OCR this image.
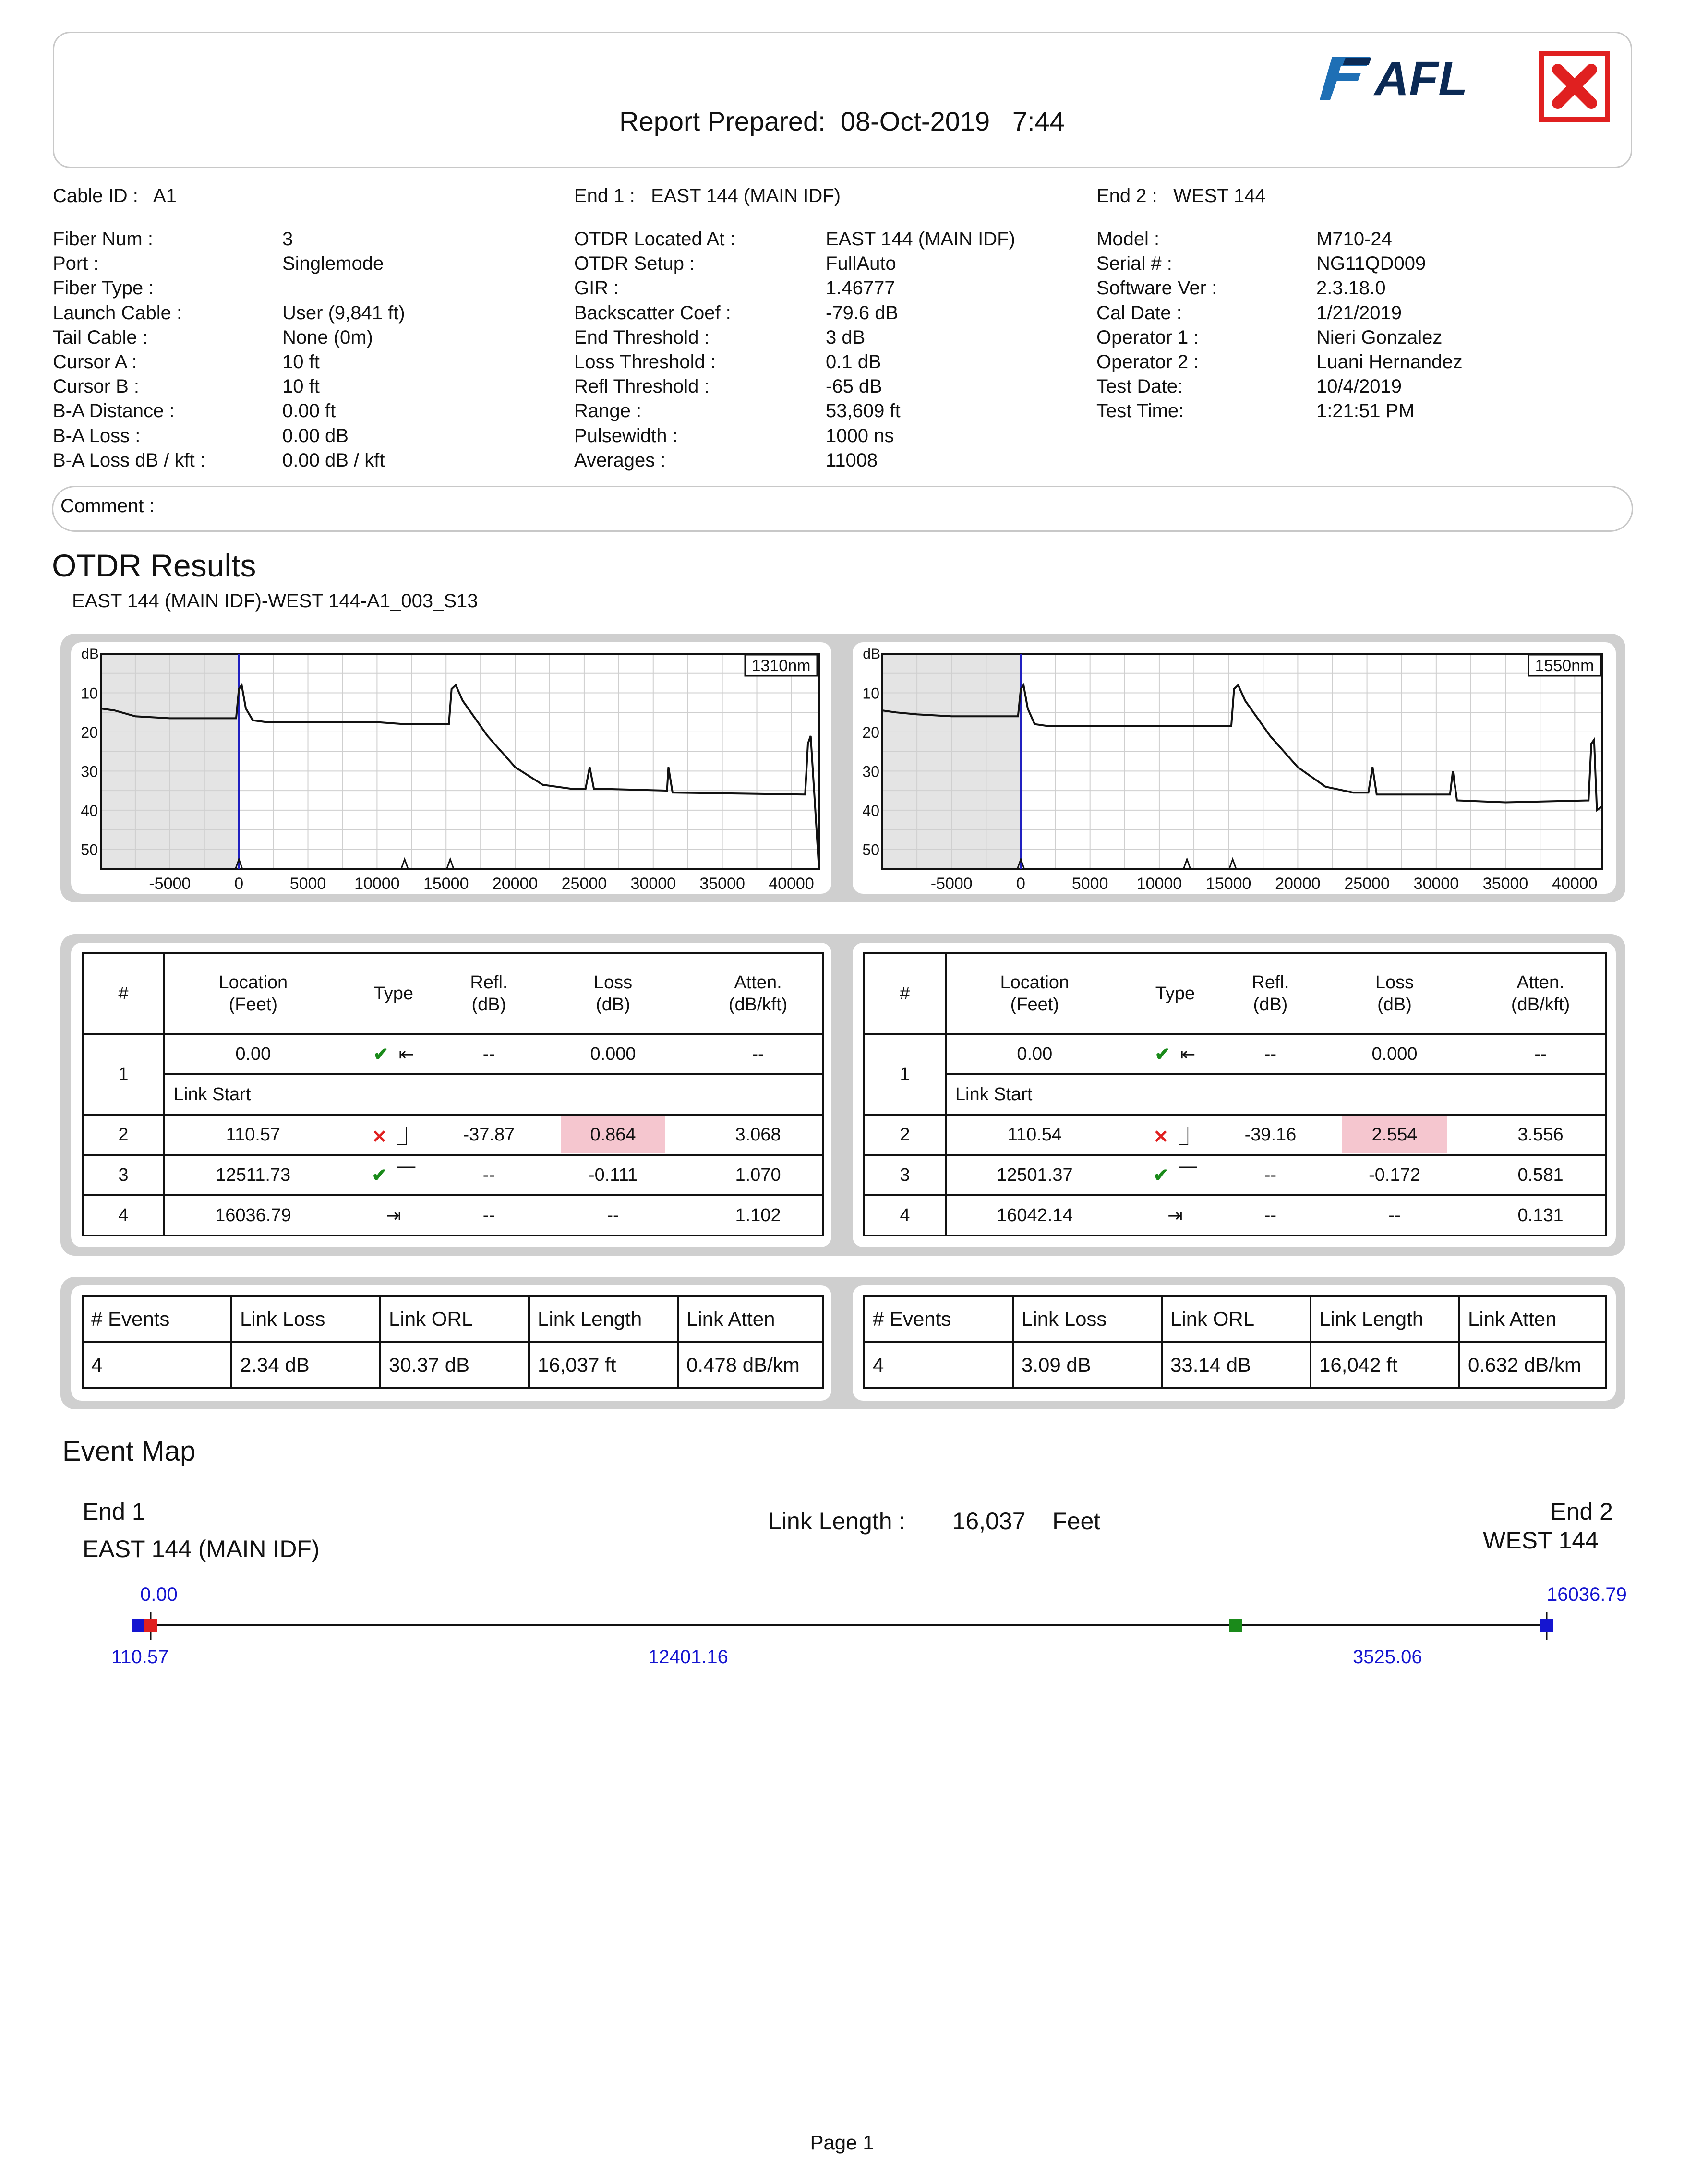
Report Prepared: 08-Oct-2019 7:44
AFL
Cable ID : A1	End 1 : EAST 144 (MAIN IDF)	End 2 : WEST 144
Fiber Num :	3
Port :	Singlemode
Fiber Type :
Launch Cable :	User (9,841 ft)
Tail Cable :	None (0m)
Cursor A :	10 ft
Cursor B :	10 ft
B-A Distance :	0.00 ft
B-A Loss :	0.00 dB
B-A Loss dB / kft :	0.00 dB / kft
OTDR Located At :	EAST 144 (MAIN IDF)
OTDR Setup :	FullAuto
GIR :	1.46777
Backscatter Coef :	-79.6 dB
End Threshold :	3 dB
Loss Threshold :	0.1 dB
Refl Threshold :	-65 dB
Range :	53,609 ft
Pulsewidth :	1000 ns
Averages :	11008
Model :	M710-24
Serial # :	NG11QD009
Software Ver :	2.3.18.0
Cal Date :	1/21/2019
Operator 1 :	Nieri Gonzalez
Operator 2 :	Luani Hernandez
Test Date:	10/4/2019
Test Time:	1:21:51 PM
Comment :
OTDR Results
EAST 144 (MAIN IDF)-WEST 144-A1_003_S13
10
20
30
40
50
dB
-5000	0	5000 10000 15000 20000 25000 30000 35000 40000
1310nm
10
20
30
40
50
dB
-5000	0	5000 10000 15000 20000 25000 30000 35000 40000
1550nm
#	Location
(Feet)	Type	Refl.
(dB)	Loss
(dB)	Atten.
(dB/kft)
1	0.00	✔ ⇤	--	0.000	--
	Link Start				
2	110.57	✕ ⏌	-37.87	0.864	3.068
3	12511.73	✔ ⎺	--	-0.111	1.070
4	16036.79	⇥	--	--	1.102
#	Location
(Feet)	Type	Refl.
(dB)	Loss
(dB)	Atten.
(dB/kft)
1	0.00	✔ ⇤	--	0.000	--
	Link Start				
2	110.54	✕ ⏌	-39.16	2.554	3.556
3	12501.37	✔ ⎺	--	-0.172	0.581
4	16042.14	⇥	--	--	0.131
# Events	Link Loss	Link ORL	Link Length	Link Atten
4	2.34 dB	30.37 dB	16,037 ft	0.478 dB/km
# Events	Link Loss	Link ORL	Link Length	Link Atten
4	3.09 dB	33.14 dB	16,042 ft	0.632 dB/km
Event Map
End 1
EAST 144 (MAIN IDF)
Link Length : 16,037 Feet	End 2
WEST 144
0.00	16036.79
110.57	12401.16	3525.06
Page 1
